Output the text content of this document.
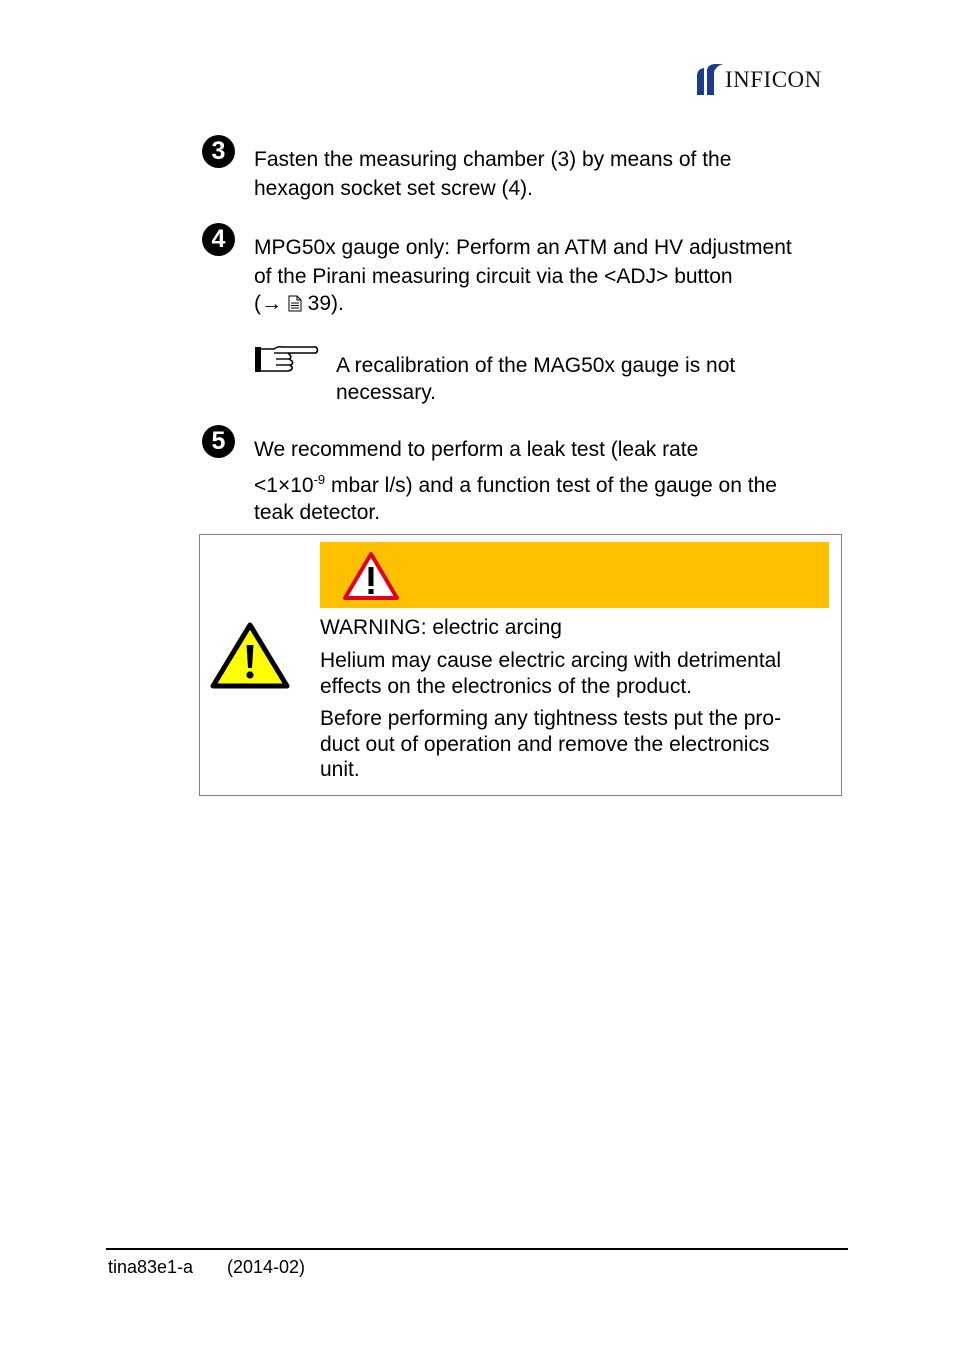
INFICON
3	Fasten the measuring chamber (3) by means of the
hexagon socket set screw (4).
4	MPG50x gauge only: Perform an ATM and HV adjustment
of the Pirani measuring circuit via the <ADJ> button
(→  39).
A recalibration of the MAG50x gauge is not
necessary.
5	We recommend to perform a leak test (leak rate
$<1\times 10^{-9}$ mbar l/s) and a function test of the gauge on the
teak detector.
WARNING: electric arcing
Helium may cause electric arcing with detrimental
effects on the electronics of the product.
Before performing any tightness tests put the pro-
duct out of operation and remove the electronics
unit.
tina83e1-a (2014-02)
